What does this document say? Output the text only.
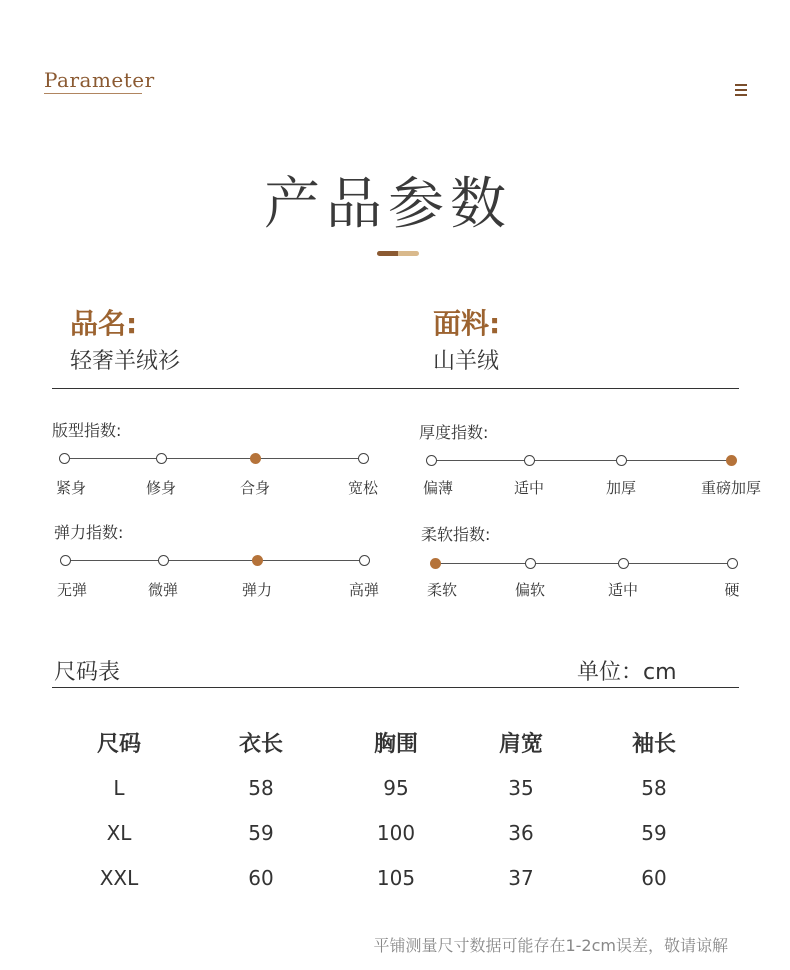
Parameter
产品参数
品名:
轻奢羊绒衫
面料:
山羊绒
版型指数:
紧身	修身	合身	宽松
厚度指数:
偏薄	适中	加厚	重磅加厚
弹力指数:
无弹	微弹	弹力	高弹
柔软指数:
柔软	偏软	适中	硬
尺码表	单位：cm
尺码	衣长	胸围	肩宽	袖长
L	58	95	35	58
XL	59	100	36	59
XXL	60	105	37	60
平铺测量尺寸数据可能存在1-2cm误差，敬请谅解
